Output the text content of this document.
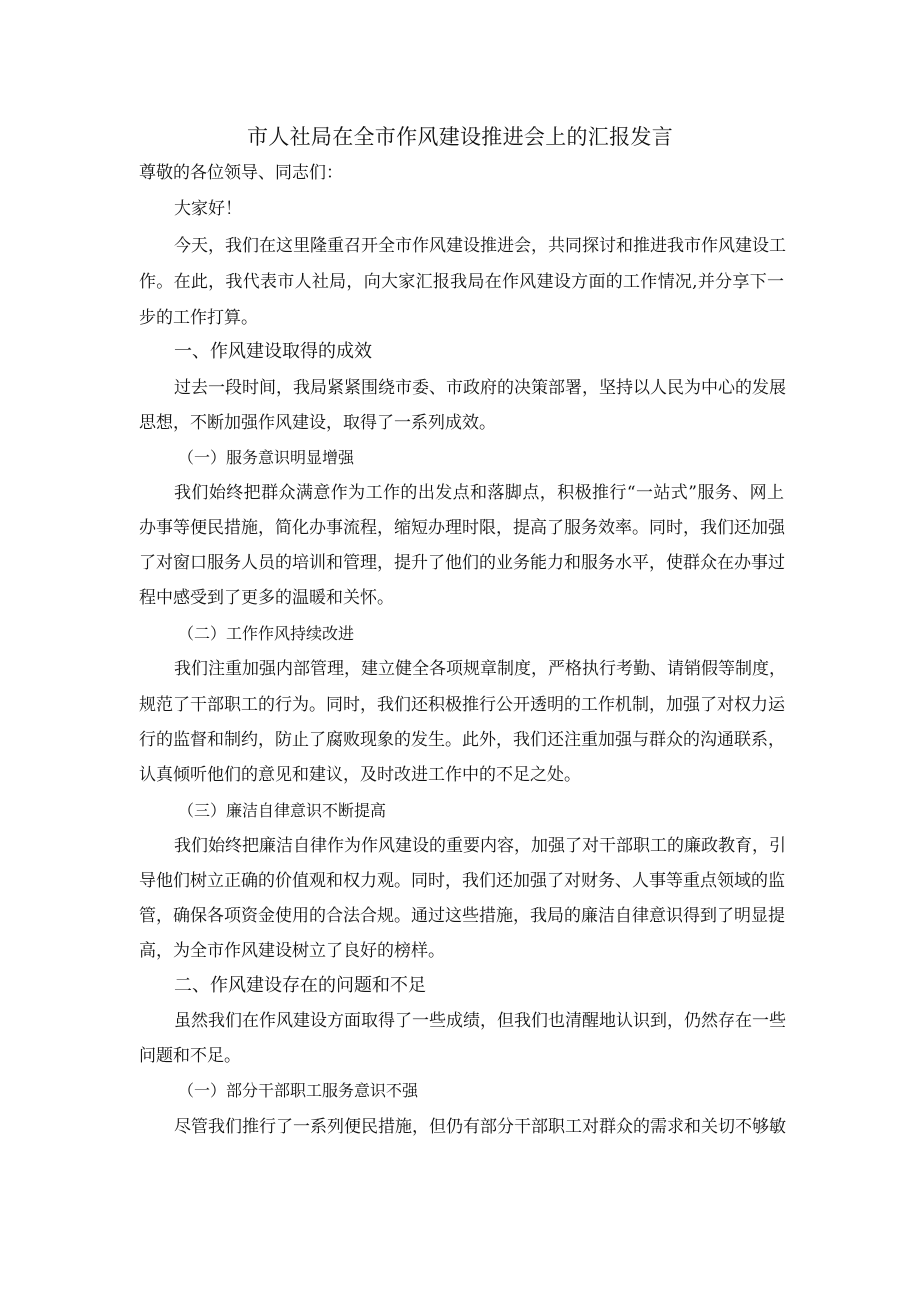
市人社局在全市作风建设推进会上的汇报发言
尊敬的各位领导、同志们：
大家好！
今天，我们在这里隆重召开全市作风建设推进会，共同探讨和推进我市作风建设工
作。在此，我代表市人社局，向大家汇报我局在作风建设方面的工作情况,并分享下一
步的工作打算。
一、作风建设取得的成效
过去一段时间，我局紧紧围绕市委、市政府的决策部署，坚持以人民为中心的发展
思想，不断加强作风建设，取得了一系列成效。
（一）服务意识明显增强
我们始终把群众满意作为工作的出发点和落脚点，积极推行“一站式”服务、网上
办事等便民措施，简化办事流程，缩短办理时限，提高了服务效率。同时，我们还加强
了对窗口服务人员的培训和管理，提升了他们的业务能力和服务水平，使群众在办事过
程中感受到了更多的温暖和关怀。
（二）工作作风持续改进
我们注重加强内部管理，建立健全各项规章制度，严格执行考勤、请销假等制度，
规范了干部职工的行为。同时，我们还积极推行公开透明的工作机制，加强了对权力运
行的监督和制约，防止了腐败现象的发生。此外，我们还注重加强与群众的沟通联系，
认真倾听他们的意见和建议，及时改进工作中的不足之处。
（三）廉洁自律意识不断提高
我们始终把廉洁自律作为作风建设的重要内容，加强了对干部职工的廉政教育，引
导他们树立正确的价值观和权力观。同时，我们还加强了对财务、人事等重点领域的监
管，确保各项资金使用的合法合规。通过这些措施，我局的廉洁自律意识得到了明显提
高，为全市作风建设树立了良好的榜样。
二、作风建设存在的问题和不足
虽然我们在作风建设方面取得了一些成绩，但我们也清醒地认识到，仍然存在一些
问题和不足。
（一）部分干部职工服务意识不强
尽管我们推行了一系列便民措施，但仍有部分干部职工对群众的需求和关切不够敏
